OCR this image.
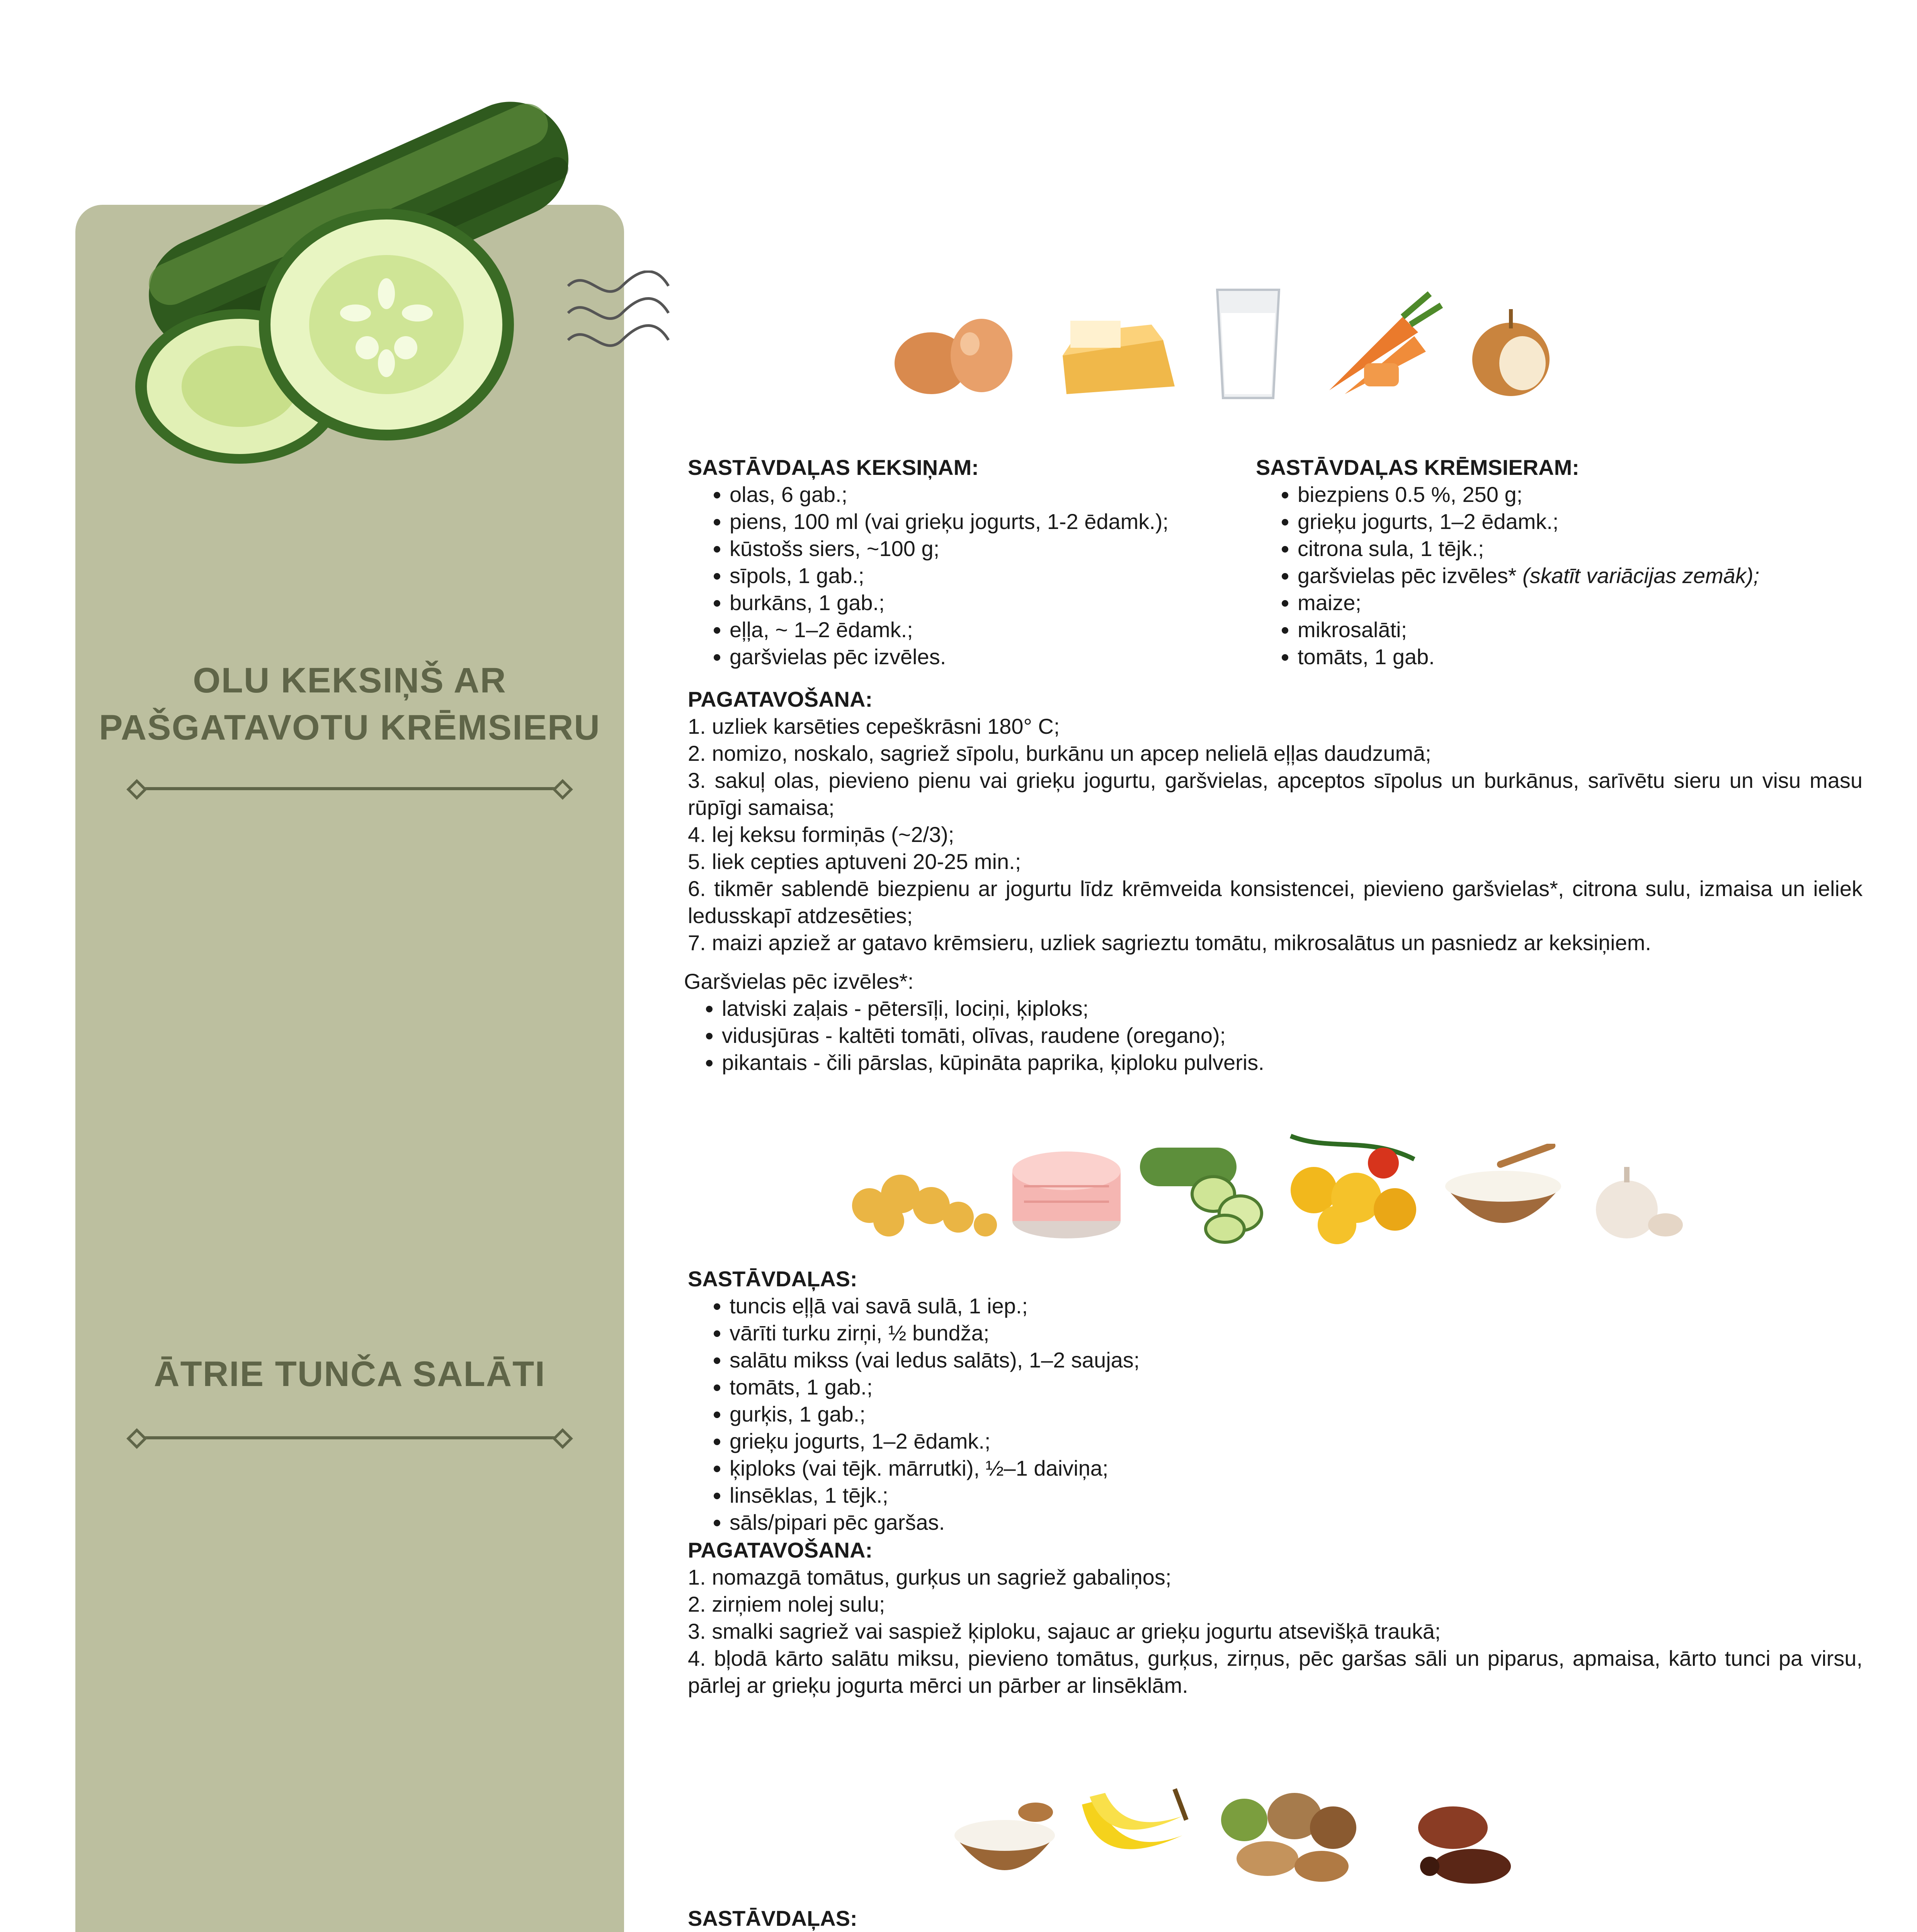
OLU KEKSIŅŠ AR
PAŠGATAVOTU KRĒMSIERU
SASTĀVDAĻAS KEKSIŅAM:
• olas, 6 gab.;
• piens, 100 ml (vai grieķu jogurts, 1-2 ēdamk.);
• kūstošs siers, ~100 g;
• sīpols, 1 gab.;
• burkāns, 1 gab.;
• eļļa, ~ 1–2 ēdamk.;
• garšvielas pēc izvēles.
SASTĀVDAĻAS KRĒMSIERAM:
• biezpiens 0.5 %, 250 g;
• grieķu jogurts, 1–2 ēdamk.;
• citrona sula, 1 tējk.;
• garšvielas pēc izvēles* (skatīt variācijas zemāk);
• maize;
• mikrosalāti;
• tomāts, 1 gab.
PAGATAVOŠANA:
1. uzliek karsēties cepeškrāsni 180° C;
2. nomizo, noskalo, sagriež sīpolu, burkānu un apcep nelielā eļļas daudzumā;
3. sakuļ olas, pievieno pienu vai grieķu jogurtu, garšvielas, apceptos sīpolus un burkānus, sarīvētu sieru un visu masu rūpīgi samaisa;
4. lej keksu formiņās (~2/3);
5. liek cepties aptuveni 20-25 min.;
6. tikmēr sablendē biezpienu ar jogurtu līdz krēmveida konsistencei, pievieno garšvielas*, citrona sulu, izmaisa un ieliek ledusskapī atdzesēties;
7. maizi apziež ar gatavo krēmsieru, uzliek sagrieztu tomātu, mikrosalātus un pasniedz ar keksiņiem.
Garšvielas pēc izvēles*:
• latviski zaļais - pētersīļi, lociņi, ķiploks;
• vidusjūras - kaltēti tomāti, olīvas, raudene (oregano);
• pikantais - čili pārslas, kūpināta paprika, ķiploku pulveris.
ĀTRIE TUNČA SALĀTI
SASTĀVDAĻAS:
• tuncis eļļā vai savā sulā, 1 iep.;
• vārīti turku zirņi, ½ bundža;
• salātu mikss (vai ledus salāts), 1–2 saujas;
• tomāts, 1 gab.;
• gurķis, 1 gab.;
• grieķu jogurts, 1–2 ēdamk.;
• ķiploks (vai tējk. mārrutki), ½–1 daiviņa;
• linsēklas, 1 tējk.;
• sāls/pipari pēc garšas.
PAGATAVOŠANA:
1. nomazgā tomātus, gurķus un sagriež gabaliņos;
2. zirņiem nolej sulu;
3. smalki sagriež vai saspiež ķiploku, sajauc ar grieķu jogurtu atsevišķā traukā;
4. bļodā kārto salātu miksu, pievieno tomātus, gurķus, zirņus, pēc garšas sāli un piparus, apmaisa, kārto tunci pa virsu, pārlej ar grieķu jogurta mērci un pārber ar linsēklām.
SASTĀVDAĻAS:
